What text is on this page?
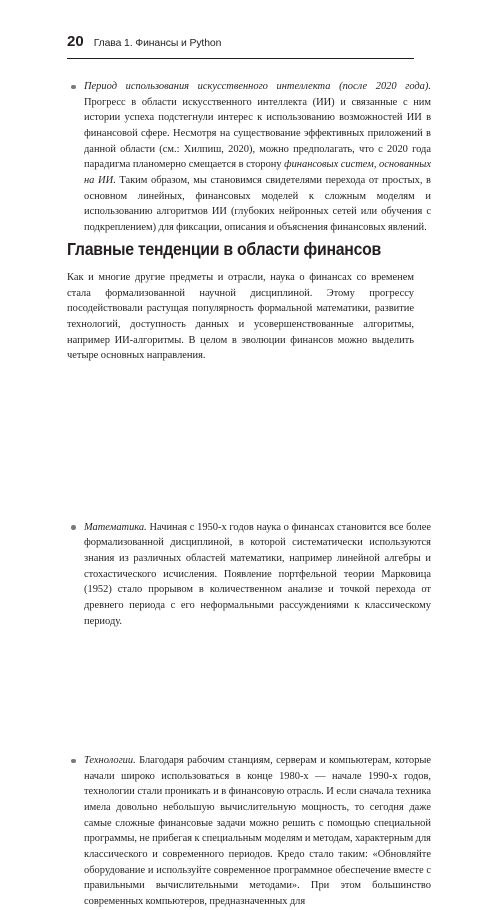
20 Глава 1. Финансы и Python

Период использования искусственного интеллекта (после 2020 года). Прогресс в области искусственного интеллекта (ИИ) и связанные с ним истории успеха подстегнули интерес к использованию возможностей ИИ в финансовой сфере. Несмотря на существование эффективных приложений в данной области (см.: Хилпиш, 2020), можно предполагать, что с 2020 года парадигма планомерно смещается в сторону финансовых систем, основанных на ИИ. Таким образом, мы становимся свидетелями перехода от простых, в основном линейных, финансовых моделей к сложным моделям и использованию алгоритмов ИИ (глубоких нейронных сетей или обучения с подкреплением) для фиксации, описания и объяснения финансовых явлений.

Главные тенденции в области финансов

Как и многие другие предметы и отрасли, наука о финансах со временем стала формализованной научной дисциплиной. Этому прогрессу посодействовали растущая популярность формальной математики, развитие технологий, доступность данных и усовершенствованные алгоритмы, например ИИ-алгоритмы. В целом в эволюции финансов можно выделить четыре основных направления.

Математика. Начиная с 1950-х годов наука о финансах становится все более формализованной дисциплиной, в которой систематически используются знания из различных областей математики, например линейной алгебры и стохастического исчисления. Появление портфельной теории Марковица (1952) стало прорывом в количественном анализе и точкой перехода от древнего периода с его неформальными рассуждениями к классическому периоду.

Технологии. Благодаря рабочим станциям, серверам и компьютерам, которые начали широко использоваться в конце 1980-х — начале 1990-х годов, технологии стали проникать и в финансовую отрасль. И если сначала техника имела довольно небольшую вычислительную мощность, то сегодня даже самые сложные финансовые задачи можно решить с помощью специальной программы, не прибегая к специальным моделям и методам, характерным для классического и современного периодов. Кредо стало таким: «Обновляйте оборудование и используйте современное программное обеспечение вместе с правильными вычислительными методами». При этом большинство современных компьютеров, предназначенных для
